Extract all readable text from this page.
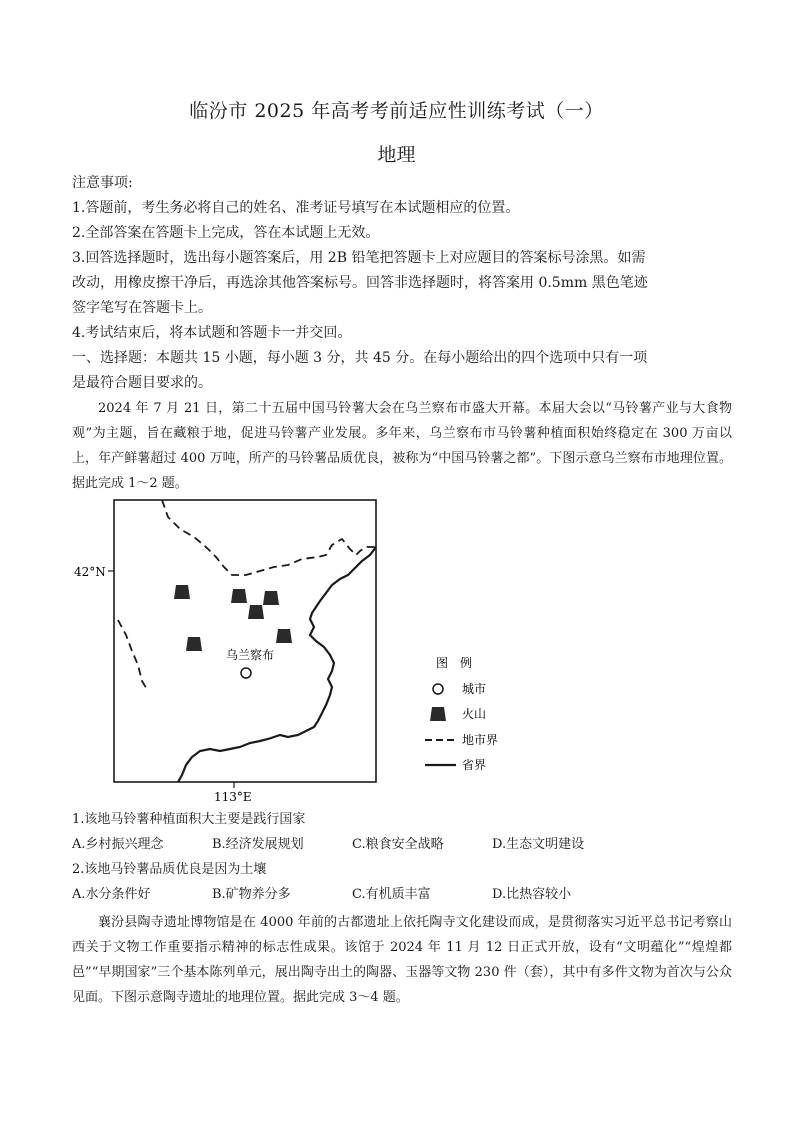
临汾市 2025 年高考考前适应性训练考试（一）
地理
注意事项:
1.答题前，考生务必将自己的姓名、准考证号填写在本试题相应的位置。
2.全部答案在答题卡上完成，答在本试题上无效。
3.回答选择题时，选出每小题答案后，用 2B 铅笔把答题卡上对应题目的答案标号涂黑。如需
改动，用橡皮擦干净后，再选涂其他答案标号。回答非选择题时，将答案用 0.5mm 黑色笔迹
签字笔写在答题卡上。
4.考试结束后，将本试题和答题卡一并交回。
一、选择题：本题共 15 小题，每小题 3 分，共 45 分。在每小题给出的四个选项中只有一项
是最符合题目要求的。
2024 年 7 月 21 日，第二十五届中国马铃薯大会在乌兰察布市盛大开幕。本届大会以“马铃薯产业与大食物观”为主题，旨在藏粮于地，促进马铃薯产业发展。多年来，乌兰察布市马铃薯种植面积始终稳定在 300 万亩以上，年产鲜薯超过 400 万吨，所产的马铃薯品质优良，被称为“中国马铃薯之都”。下图示意乌兰察布市地理位置。据此完成 1～2 题。
42°N
113°E
乌兰察布
图　例
城市
火山
地市界
省界
1.该地马铃薯种植面积大主要是践行国家
A.乡村振兴理念	B.经济发展规划	C.粮食安全战略	D.生态文明建设
2.该地马铃薯品质优良是因为土壤
A.水分条件好	B.矿物养分多	C.有机质丰富	D.比热容较小
襄汾县陶寺遗址博物馆是在 4000 年前的古都遗址上依托陶寺文化建设而成，是贯彻落实习近平总书记考察山西关于文物工作重要指示精神的标志性成果。该馆于 2024 年 11 月 12 日正式开放，设有“文明蕴化”“煌煌都邑”“早期国家”三个基本陈列单元，展出陶寺出土的陶器、玉器等文物 230 件（套），其中有多件文物为首次与公众见面。下图示意陶寺遗址的地理位置。据此完成 3～4 题。
